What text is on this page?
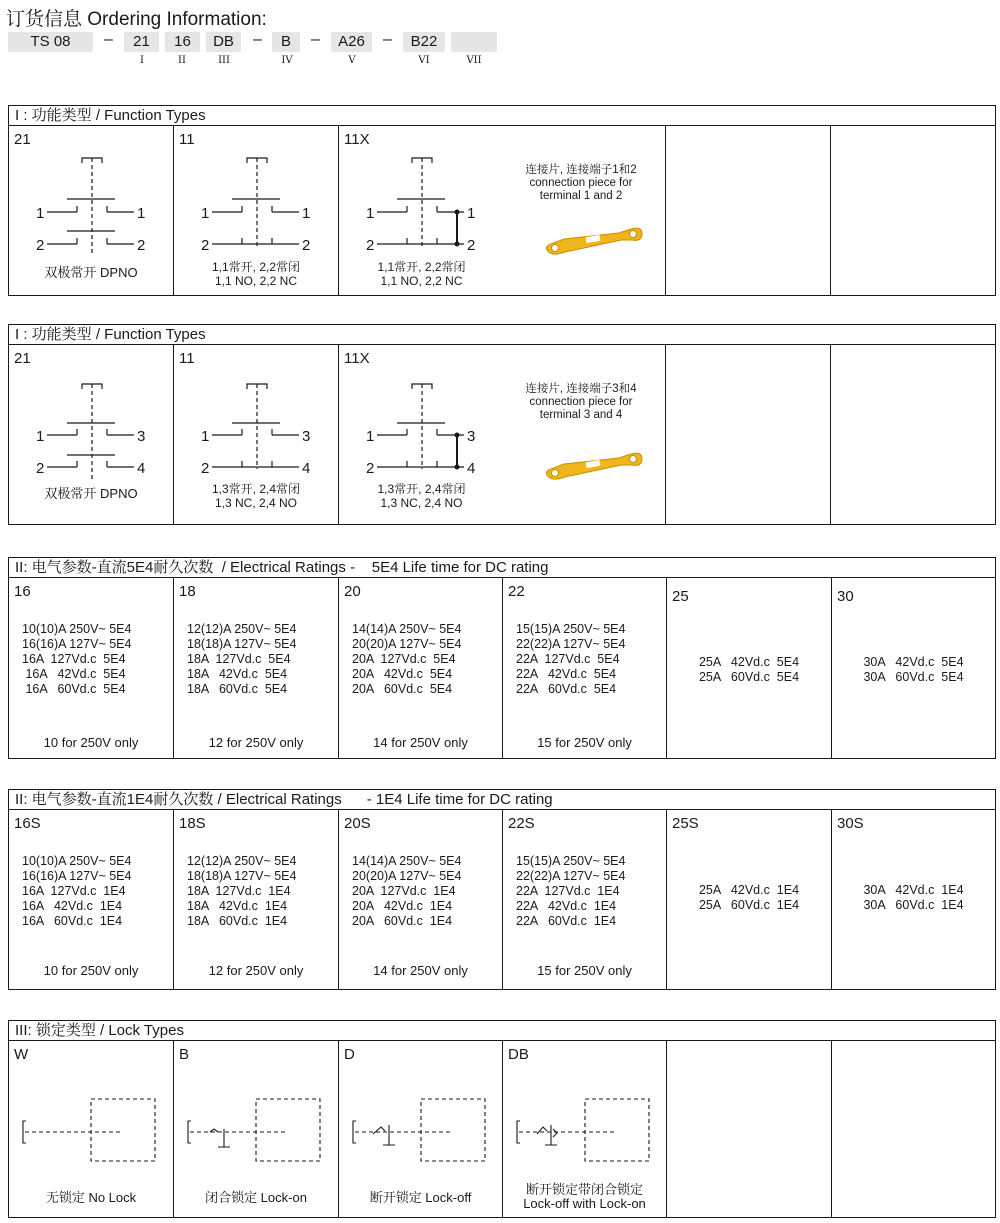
订货信息 Ordering Information:
TS 08	–	21	16	DB	–	B	–	A26	–	B22
I	II	III	IV	V	VI	VII
I : 功能类型 / Function Types
21
1	1
2	2
双极常开 DPNO
11
1	1
2	2
1,1常开, 2,2常闭
1,1 NO, 2,2 NC
11X
1	1
2	2
连接片, 连接端子1和2
connection piece for
terminal 1 and 2
1,1常开, 2,2常闭
1,1 NO, 2,2 NC
I : 功能类型 / Function Types
21
1	3
2	4
双极常开 DPNO
11
1	3
2	4
1,3常开, 2,4常闭
1,3 NC, 2,4 NO
11X
1	3
2	4
连接片, 连接端子3和4
connection piece for
terminal 3 and 4
1,3常开, 2,4常闭
1,3 NC, 2,4 NO
II: 电气参数-直流5E4耐久次数  / Electrical Ratings -    5E4 Life time for DC rating
16
10(10)A 250V~ 5E4
16(16)A 127V~ 5E4
16A  127Vd.c  5E4
16A   42Vd.c  5E4
16A   60Vd.c  5E4
10 for 250V only
18
12(12)A 250V~ 5E4
18(18)A 127V~ 5E4
18A  127Vd.c  5E4
18A   42Vd.c  5E4
18A   60Vd.c  5E4
12 for 250V only
20
14(14)A 250V~ 5E4
20(20)A 127V~ 5E4
20A  127Vd.c  5E4
20A   42Vd.c  5E4
20A   60Vd.c  5E4
14 for 250V only
22
15(15)A 250V~ 5E4
22(22)A 127V~ 5E4
22A  127Vd.c  5E4
22A   42Vd.c  5E4
22A   60Vd.c  5E4
15 for 250V only
25
25A   42Vd.c  5E4
25A   60Vd.c  5E4
30
30A   42Vd.c  5E4
30A   60Vd.c  5E4
II: 电气参数-直流1E4耐久次数 / Electrical Ratings      - 1E4 Life time for DC rating
16S
10(10)A 250V~ 5E4
16(16)A 127V~ 5E4
16A  127Vd.c  1E4
16A   42Vd.c  1E4
16A   60Vd.c  1E4
10 for 250V only
18S
12(12)A 250V~ 5E4
18(18)A 127V~ 5E4
18A  127Vd.c  1E4
18A   42Vd.c  1E4
18A   60Vd.c  1E4
12 for 250V only
20S
14(14)A 250V~ 5E4
20(20)A 127V~ 5E4
20A  127Vd.c  1E4
20A   42Vd.c  1E4
20A   60Vd.c  1E4
14 for 250V only
22S
15(15)A 250V~ 5E4
22(22)A 127V~ 5E4
22A  127Vd.c  1E4
22A   42Vd.c  1E4
22A   60Vd.c  1E4
15 for 250V only
25S
25A   42Vd.c  1E4
25A   60Vd.c  1E4
30S
30A   42Vd.c  1E4
30A   60Vd.c  1E4
III: 锁定类型 / Lock Types
W
无锁定 No Lock
B
闭合锁定 Lock-on
D
断开锁定 Lock-off
DB
断开锁定带闭合锁定
Lock-off with Lock-on
